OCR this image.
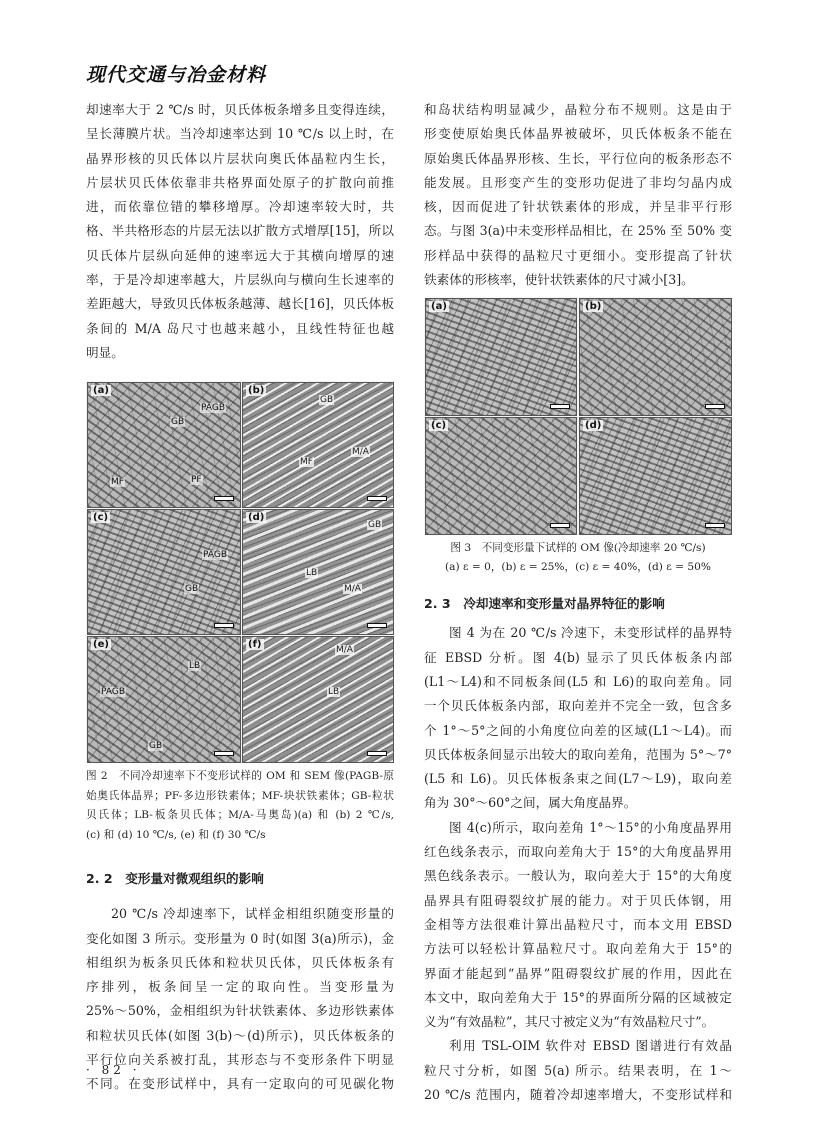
现代交通与冶金材料
却速率大于 2 ℃/s 时，贝氏体板条增多且变得连续，
呈长薄膜片状。当冷却速率达到 10 ℃/s 以上时，在
晶界形核的贝氏体以片层状向奥氏体晶粒内生长，
片层状贝氏体依靠非共格界面处原子的扩散向前推
进，而依靠位错的攀移增厚。冷却速率较大时，共
格、半共格形态的片层无法以扩散方式增厚[15]，所以
贝氏体片层纵向延伸的速率远大于其横向增厚的速
率，于是冷却速率越大，片层纵向与横向生长速率的
差距越大，导致贝氏体板条越薄、越长[16]，贝氏体板
条间的 M/A 岛尺寸也越来越小，且线性特征也越
明显。
(a)
PAGB
GB
MF	PF
(b)
GB
MF
M/A
(c)
PAGB
GB
(d)
GB
LB
M/A
(e)
PAGB
LB
GB
(f)	M/A
LB
图 2　不同冷却速率下不变形试样的 OM 和 SEM 像(PAGB-原
始奥氏体晶界；PF-多边形铁素体；MF-块状铁素体；GB-粒状
贝氏体；LB-板条贝氏体；M/A-马奥岛)(a) 和 (b) 2 ℃/s,
(c) 和 (d) 10 ℃/s, (e) 和 (f) 30 ℃/s
2. 2　变形量对微观组织的影响
20 ℃/s 冷却速率下，试样金相组织随变形量的
变化如图 3 所示。变形量为 0 时(如图 3(a)所示)，金
相组织为板条贝氏体和粒状贝氏体，贝氏体板条有
序排列，板条间呈一定的取向性。当变形量为
25%～50%，金相组织为针状铁素体、多边形铁素体
和粒状贝氏体(如图 3(b)～(d)所示)，贝氏体板条的
平行位向关系被打乱，其形态与不变形条件下明显
不同。在变形试样中，具有一定取向的可见碳化物
和岛状结构明显减少，晶粒分布不规则。这是由于
形变使原始奥氏体晶界被破坏，贝氏体板条不能在
原始奥氏体晶界形核、生长，平行位向的板条形态不
能发展。且形变产生的变形功促进了非均匀晶内成
核，因而促进了针状铁素体的形成，并呈非平行形
态。与图 3(a)中未变形样品相比，在 25% 至 50% 变
形样品中获得的晶粒尺寸更细小。变形提高了针状
铁素体的形核率，使针状铁素体的尺寸减小[3]。
(a)	(b)
(c)	(d)
图 3　不同变形量下试样的 OM 像(冷却速率 20 ℃/s)
(a) ε = 0，(b) ε = 25%，(c) ε = 40%，(d) ε = 50%
2. 3　冷却速率和变形量对晶界特征的影响
图 4 为在 20 ℃/s 冷速下，未变形试样的晶界特
征 EBSD 分析。图 4(b) 显示了贝氏体板条内部
(L1～L4)和不同板条间(L5 和 L6)的取向差角。同
一个贝氏体板条内部，取向差并不完全一致，包含多
个 1°～5°之间的小角度位向差的区域(L1～L4)。而
贝氏体板条间显示出较大的取向差角，范围为 5°～7°
(L5 和 L6)。贝氏体板条束之间(L7～L9)，取向差
角为 30°～60°之间，属大角度晶界。
图 4(c)所示，取向差角 1°～15°的小角度晶界用
红色线条表示，而取向差角大于 15°的大角度晶界用
黑色线条表示。一般认为，取向差大于 15°的大角度
晶界具有阻碍裂纹扩展的能力。对于贝氏体钢，用
金相等方法很难计算出晶粒尺寸，而本文用 EBSD
方法可以轻松计算晶粒尺寸。取向差角大于 15°的
界面才能起到“晶界”阻碍裂纹扩展的作用，因此在
本文中，取向差角大于 15°的界面所分隔的区域被定
义为“有效晶粒”，其尺寸被定义为“有效晶粒尺寸”。
利用 TSL-OIM 软件对 EBSD 图谱进行有效晶
粒尺寸分析，如图 5(a) 所示。结果表明，在 1～
20 ℃/s 范围内，随着冷却速率增大，不变形试样和
· 82 ·
